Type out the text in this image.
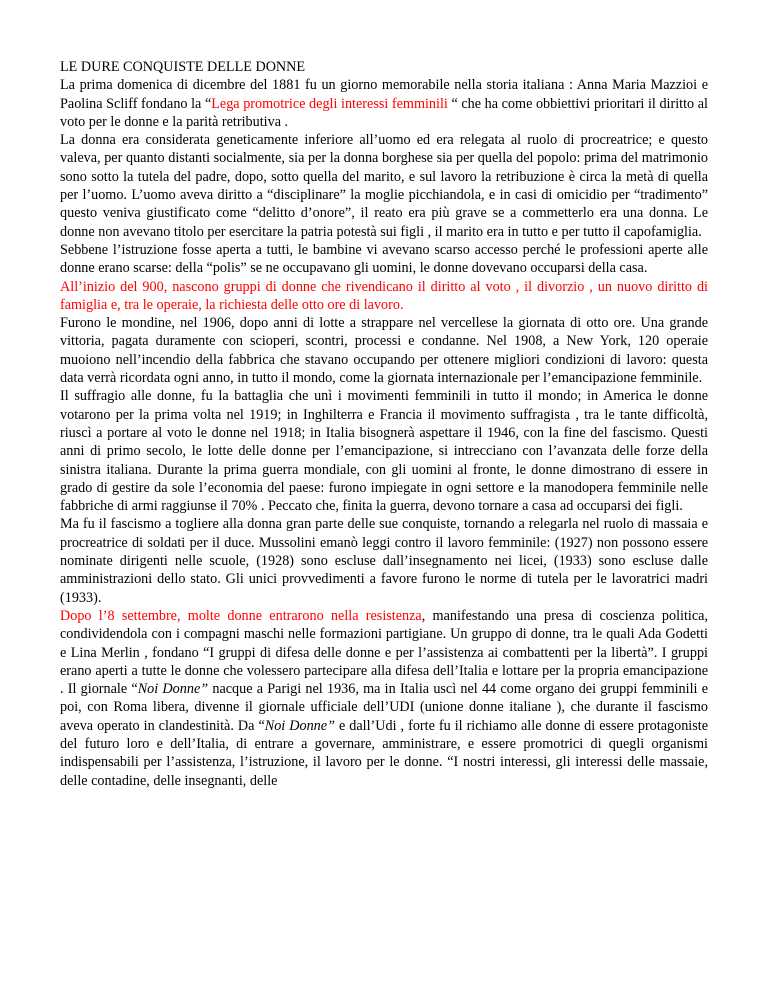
LE DURE CONQUISTE DELLE DONNE

La prima domenica di dicembre del 1881 fu un giorno memorabile nella storia italiana : Anna Maria Mazzioi e Paolina Scliff fondano la “Lega promotrice degli interessi femminili “ che ha come obbiettivi prioritari il diritto al voto per le donne e la parità retributiva .

La donna era considerata geneticamente inferiore all’uomo ed era relegata al ruolo di procreatrice; e questo valeva, per quanto distanti socialmente, sia per la donna borghese sia per quella del popolo: prima del matrimonio sono sotto la tutela del padre, dopo, sotto quella del marito, e sul lavoro la retribuzione è circa la metà di quella per l’uomo. L’uomo aveva diritto a “disciplinare” la moglie picchiandola, e in casi di omicidio per “tradimento” questo veniva giustificato come “delitto d’onore”, il reato era più grave se a commetterlo era una donna. Le donne non avevano titolo per esercitare la patria potestà sui figli , il marito era in tutto e per tutto il capofamiglia.

Sebbene l’istruzione fosse aperta a tutti, le bambine vi avevano scarso accesso perché le professioni aperte alle donne erano scarse: della “polis” se ne occupavano gli uomini, le donne dovevano occuparsi della casa.

All’inizio del 900, nascono gruppi di donne che rivendicano il diritto al voto , il divorzio , un nuovo diritto di famiglia e, tra le operaie, la richiesta delle otto ore di lavoro.

Furono le mondine, nel 1906, dopo anni di lotte a strappare nel vercellese la giornata di otto ore. Una grande vittoria, pagata duramente con scioperi, scontri, processi e condanne. Nel 1908, a New York, 120 operaie muoiono nell’incendio della fabbrica che stavano occupando per ottenere migliori condizioni di lavoro: questa data verrà ricordata ogni anno, in tutto il mondo, come la giornata internazionale per l’emancipazione femminile.

Il suffragio alle donne, fu la battaglia che unì i movimenti femminili in tutto il mondo; in America le donne votarono per la prima volta nel 1919; in Inghilterra e Francia il movimento suffragista , tra le tante difficoltà, riuscì a portare al voto le donne nel 1918; in Italia bisognerà aspettare il 1946, con la fine del fascismo. Questi anni di primo secolo, le lotte delle donne per l’emancipazione, si intrecciano con l’avanzata delle forze della sinistra italiana. Durante la prima guerra mondiale, con gli uomini al fronte, le donne dimostrano di essere in grado di gestire da sole l’economia del paese: furono impiegate in ogni settore e la manodopera femminile nelle fabbriche di armi raggiunse il 70% . Peccato che, finita la guerra, devono tornare a casa ad occuparsi dei figli.

Ma fu il fascismo a togliere alla donna gran parte delle sue conquiste, tornando a relegarla nel ruolo di massaia e procreatrice di soldati per il duce. Mussolini emanò leggi contro il lavoro femminile: (1927) non possono essere nominate dirigenti nelle scuole, (1928) sono escluse dall’insegnamento nei licei, (1933) sono escluse dalle amministrazioni dello stato. Gli unici provvedimenti a favore furono le norme di tutela per le lavoratrici madri (1933).

Dopo l’8 settembre, molte donne entrarono nella resistenza, manifestando una presa di coscienza politica, condividendola con i compagni maschi nelle formazioni partigiane. Un gruppo di donne, tra le quali Ada Godetti e Lina Merlin , fondano “I gruppi di difesa delle donne e per l’assistenza ai combattenti per la libertà”. I gruppi erano aperti a tutte le donne che volessero partecipare alla difesa dell’Italia e lottare per la propria emancipazione . Il giornale “Noi Donne” nacque a Parigi nel 1936, ma in Italia uscì nel 44 come organo dei gruppi femminili e poi, con Roma libera, divenne il giornale ufficiale dell’UDI (unione donne italiane ), che durante il fascismo aveva operato in clandestinità. Da “Noi Donne” e dall’Udi , forte fu il richiamo alle donne di essere protagoniste del futuro loro e dell’Italia, di entrare a governare, amministrare, e essere promotrici di quegli organismi indispensabili per l’assistenza, l’istruzione, il lavoro per le donne. “I nostri interessi, gli interessi delle massaie, delle contadine, delle insegnanti, delle
